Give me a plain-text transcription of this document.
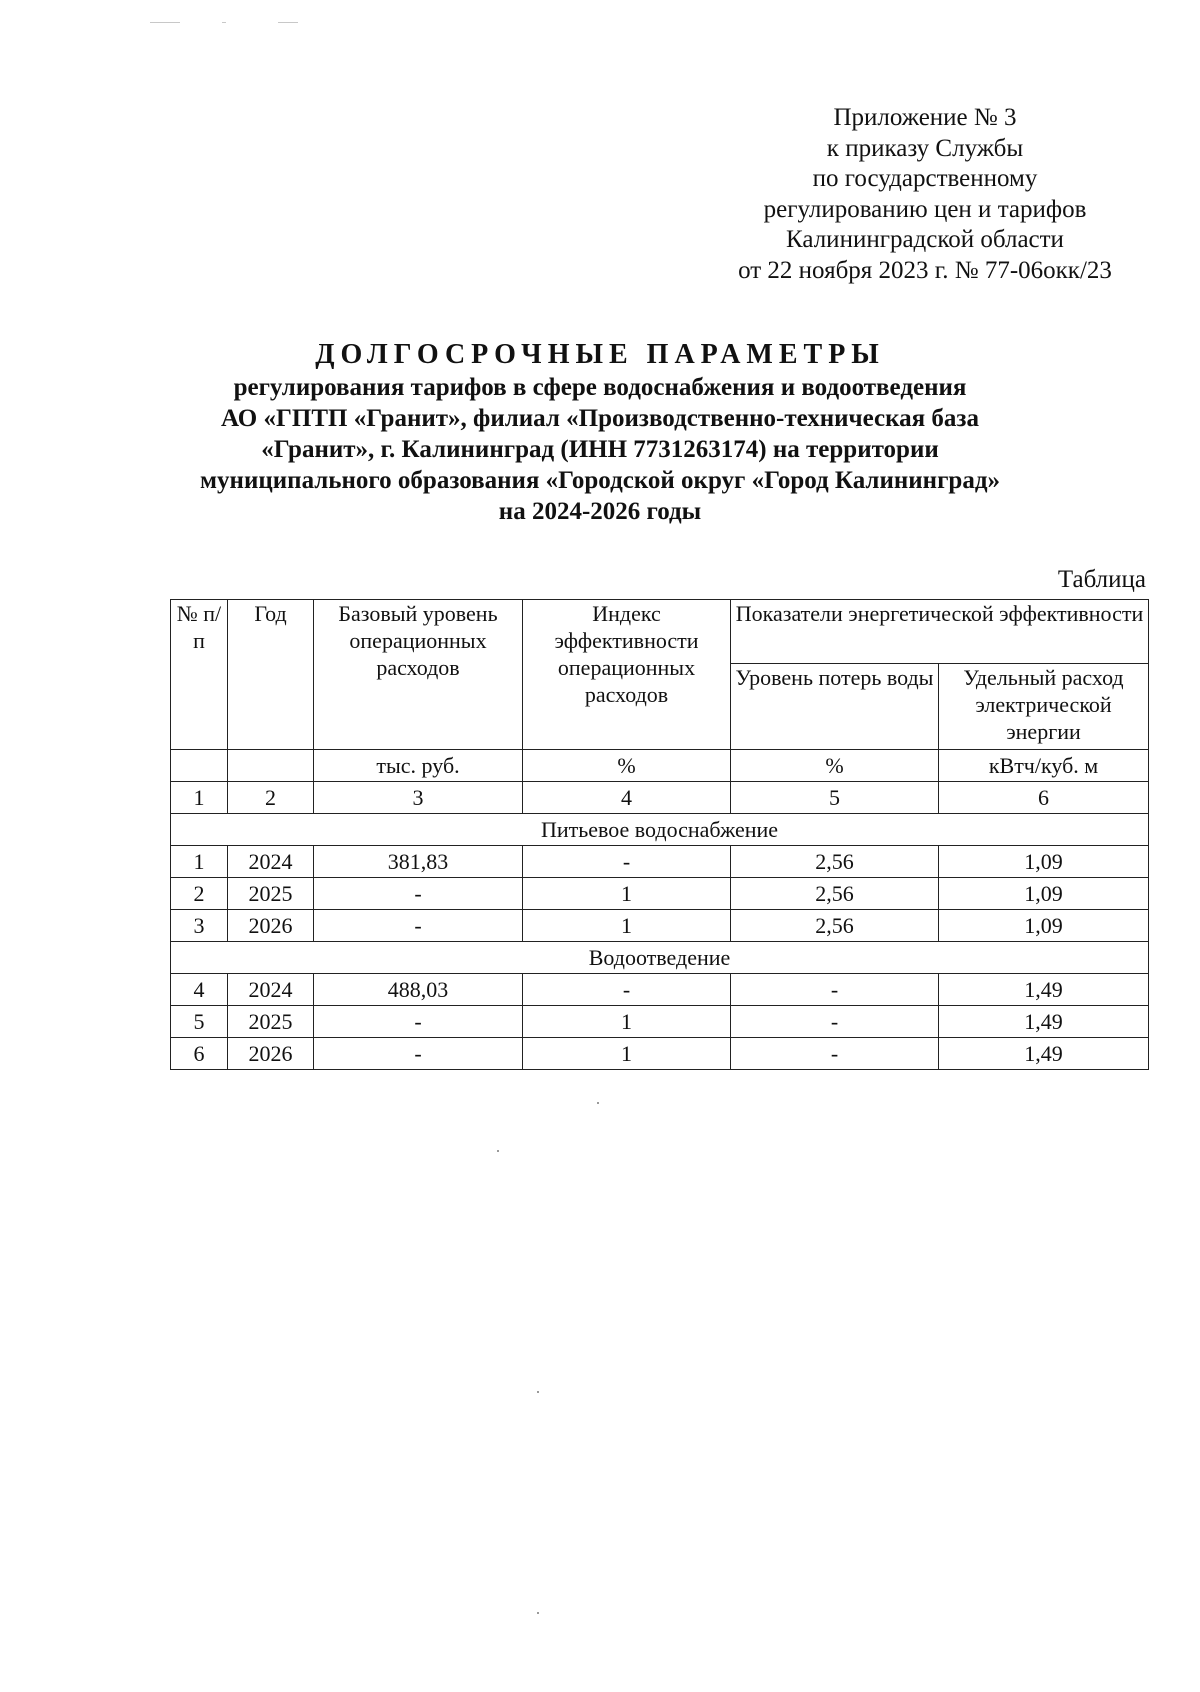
Приложение № 3
к приказу Службы
по государственному
регулированию цен и тарифов
Калининградской области
от 22 ноября 2023 г. № 77-06окк/23
ДОЛГОСРОЧНЫЕ ПАРАМЕТРЫ
регулирования тарифов в сфере водоснабжения и водоотведения
АО «ГПТП «Гранит», филиал «Производственно-техническая база
«Гранит», г. Калининград (ИНН 7731263174) на территории
муниципального образования «Городской округ «Город Калининград»
на 2024-2026 годы
Таблица
№ п/п	Год	Базовый уровень операционных расходов	Индекс эффективности операционных расходов	Показатели энергетической эффективности	
				Уровень потерь воды	Удельный расход электрической энергии
		тыс. руб.	%	%	кВтч/куб. м
1	2	3	4	5	6
Питьевое водоснабжение					
1	2024	381,83	-	2,56	1,09
2	2025	-	1	2,56	1,09
3	2026	-	1	2,56	1,09
Водоотведение					
4	2024	488,03	-	-	1,49
5	2025	-	1	-	1,49
6	2026	-	1	-	1,49
